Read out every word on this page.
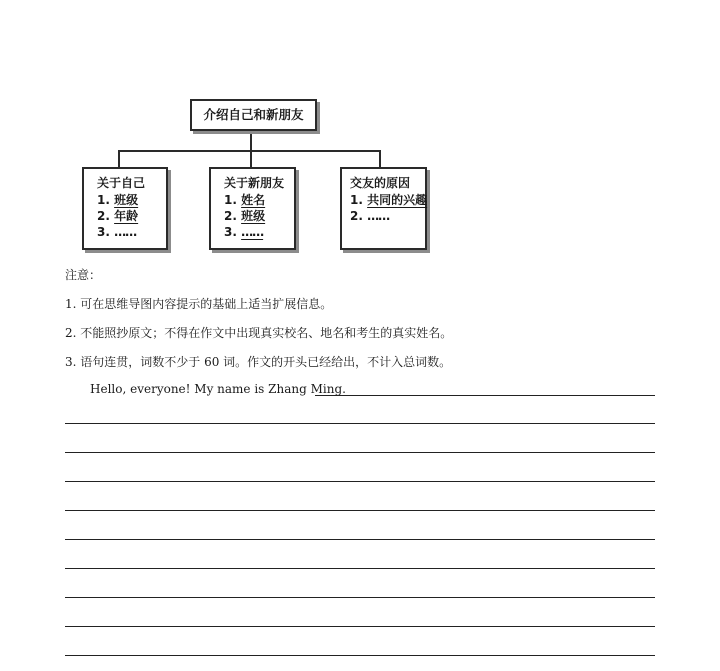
介绍自己和新朋友
关于自己
1. 班级
2. 年龄
3. ……
关于新朋友
1. 姓名
2. 班级
3. ……
交友的原因
1. 共同的兴趣
2. ……
注意：
1. 可在思维导图内容提示的基础上适当扩展信息。
2. 不能照抄原文；不得在作文中出现真实校名、地名和考生的真实姓名。
3. 语句连贯，词数不少于 60 词。作文的开头已经给出，不计入总词数。
Hello, everyone! My name is Zhang Ming.
